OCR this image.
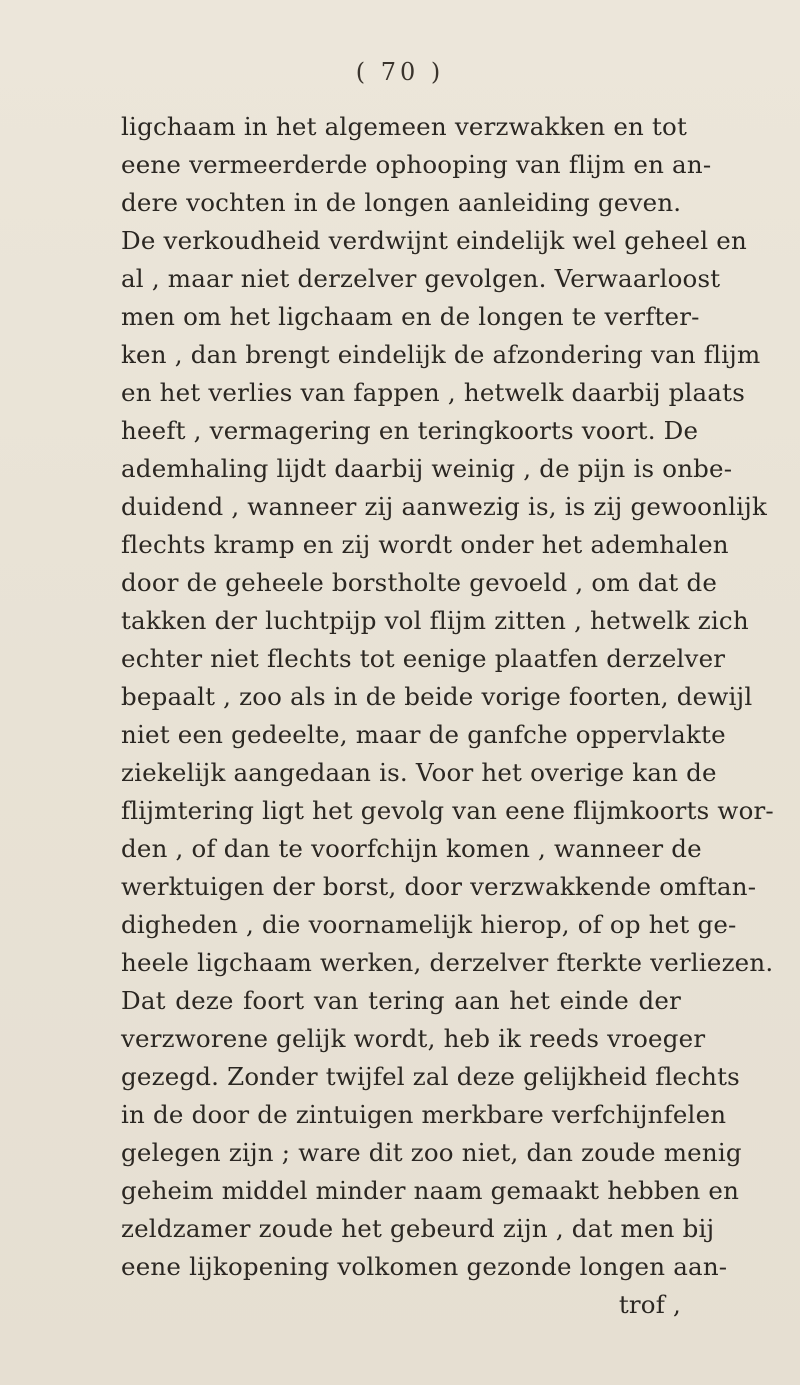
( 70 )
ligchaam in het algemeen verzwakken en tot
eene vermeerderde ophooping van flijm en an-
dere vochten in de longen aanleiding geven.
De verkoudheid verdwijnt eindelijk wel geheel en
al , maar niet derzelver gevolgen. Verwaarloost
men om het ligchaam en de longen te verfter-
ken , dan brengt eindelijk de afzondering van flijm
en het verlies van fappen , hetwelk daarbij plaats
heeft , vermagering en teringkoorts voort. De
ademhaling lijdt daarbij weinig , de pijn is onbe-
duidend , wanneer zij aanwezig is, is zij gewoonlijk
flechts kramp en zij wordt onder het ademhalen
door de geheele borstholte gevoeld , om dat de
takken der luchtpijp vol flijm zitten , hetwelk zich
echter niet flechts tot eenige plaatfen derzelver
bepaalt , zoo als in de beide vorige foorten, dewijl
niet een gedeelte, maar de ganfche oppervlakte
ziekelijk aangedaan is. Voor het overige kan de
flijmtering ligt het gevolg van eene flijmkoorts wor-
den , of dan te voorfchijn komen , wanneer de
werktuigen der borst, door verzwakkende omftan-
digheden , die voornamelijk hierop, of op het ge-
heele ligchaam werken, derzelver fterkte verliezen.
Dat deze foort van tering aan het einde der
verzworene gelijk wordt, heb ik reeds vroeger
gezegd. Zonder twijfel zal deze gelijkheid flechts
in de door de zintuigen merkbare verfchijnfelen
gelegen zijn ; ware dit zoo niet, dan zoude menig
geheim middel minder naam gemaakt hebben en
zeldzamer zoude het gebeurd zijn , dat men bij
eene lijkopening volkomen gezonde longen aan-
trof ,
